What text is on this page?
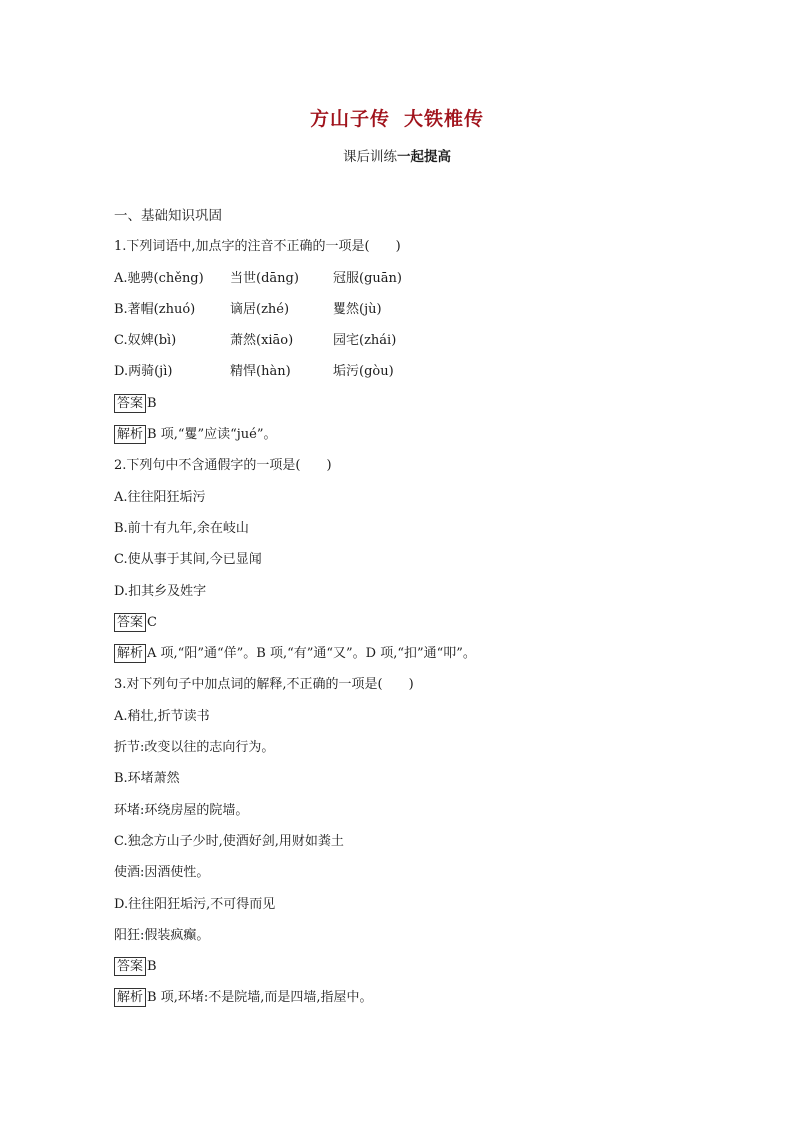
方山子传 大铁椎传

课后训练一起提高

一、基础知识巩固
1.下列词语中,加点字的注音不正确的一项是(　　)
A.驰骋(chěng) 当世(dāng)	冠服(guān)
B.著帽(zhuó)	谪居(zhé)	矍然(jù)
C.奴婢(bì)	萧然(xiāo)	园宅(zhái)
D.两骑(jì)	精悍(hàn)	垢污(gòu)
答案 B
解析 B 项,“矍”应读“jué”。
2.下列句中不含通假字的一项是(　　)
A.往往阳狂垢污
B.前十有九年,余在岐山
C.使从事于其间,今已显闻
D.扣其乡及姓字
答案 C
解析 A 项,“阳”通“佯”。B 项,“有”通“又”。D 项,“扣”通“叩”。
3.对下列句子中加点词的解释,不正确的一项是(　　)
A.稍壮,折节读书
折节:改变以往的志向行为。
B.环堵萧然
环堵:环绕房屋的院墙。
C.独念方山子少时,使酒好剑,用财如粪土
使酒:因酒使性。
D.往往阳狂垢污,不可得而见
阳狂:假装疯癫。
答案 B
解析 B 项,环堵:不是院墙,而是四墙,指屋中。
